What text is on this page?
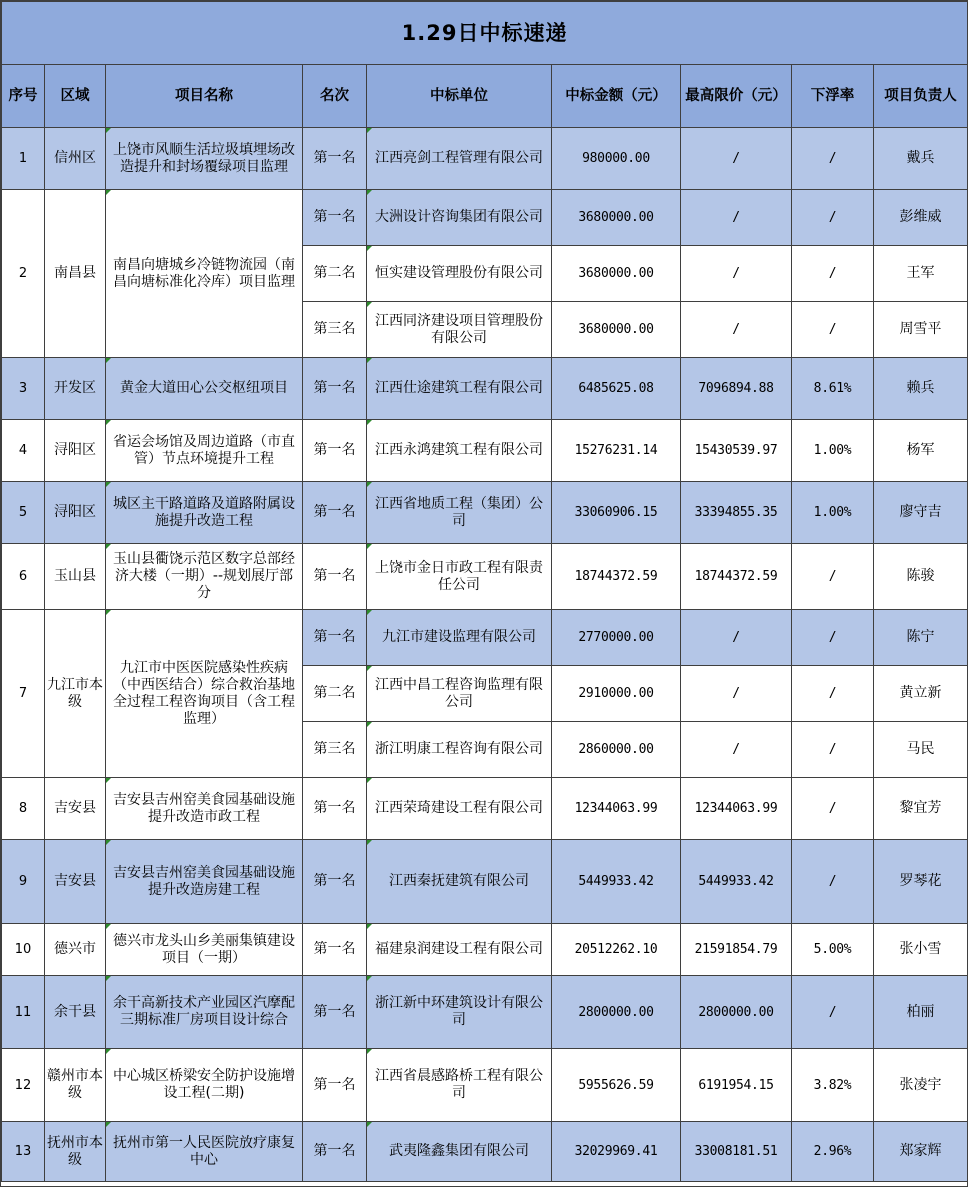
1.29日中标速递								
序号	区域	项目名称	名次	中标单位	中标金额（元）	最高限价（元）	下浮率	项目负责人
1	信州区	上饶市风顺生活垃圾填埋场改造提升和封场覆绿项目监理	第一名	江西亮剑工程管理有限公司	980000.00	/	/	戴兵
2	南昌县	南昌向塘城乡冷链物流园（南昌向塘标准化冷库）项目监理	第一名	大洲设计咨询集团有限公司	3680000.00	/	/	彭维威
			第二名	恒实建设管理股份有限公司	3680000.00	/	/	王军
			第三名	江西同济建设项目管理股份有限公司	3680000.00	/	/	周雪平
3	开发区	黄金大道田心公交枢纽项目	第一名	江西仕途建筑工程有限公司	6485625.08	7096894.88	8.61%	赖兵
4	浔阳区	省运会场馆及周边道路（市直管）节点环境提升工程	第一名	江西永鸿建筑工程有限公司	15276231.14	15430539.97	1.00%	杨军
5	浔阳区	城区主干路道路及道路附属设施提升改造工程	第一名	江西省地质工程（集团）公司	33060906.15	33394855.35	1.00%	廖守吉
6	玉山县	玉山县衢饶示范区数字总部经济大楼（一期）--规划展厅部分	第一名	上饶市金日市政工程有限责任公司	18744372.59	18744372.59	/	陈骏
7	九江市本级	九江市中医医院感染性疾病（中西医结合）综合救治基地全过程工程咨询项目（含工程监理）	第一名	九江市建设监理有限公司	2770000.00	/	/	陈宁
			第二名	江西中昌工程咨询监理有限公司	2910000.00	/	/	黄立新
			第三名	浙江明康工程咨询有限公司	2860000.00	/	/	马民
8	吉安县	吉安县吉州窑美食园基础设施提升改造市政工程	第一名	江西荣琦建设工程有限公司	12344063.99	12344063.99	/	黎宜芳
9	吉安县	吉安县吉州窑美食园基础设施提升改造房建工程	第一名	江西秦抚建筑有限公司	5449933.42	5449933.42	/	罗琴花
10	德兴市	德兴市龙头山乡美丽集镇建设项目（一期）	第一名	福建泉润建设工程有限公司	20512262.10	21591854.79	5.00%	张小雪
11	余干县	余干高新技术产业园区汽摩配三期标准厂房项目设计综合	第一名	浙江新中环建筑设计有限公司	2800000.00	2800000.00	/	柏丽
12	赣州市本级	中心城区桥梁安全防护设施增设工程(二期)	第一名	江西省晨感路桥工程有限公司	5955626.59	6191954.15	3.82%	张凌宇
13	抚州市本级	抚州市第一人民医院放疗康复中心	第一名	武夷隆鑫集团有限公司	32029969.41	33008181.51	2.96%	郑家辉
